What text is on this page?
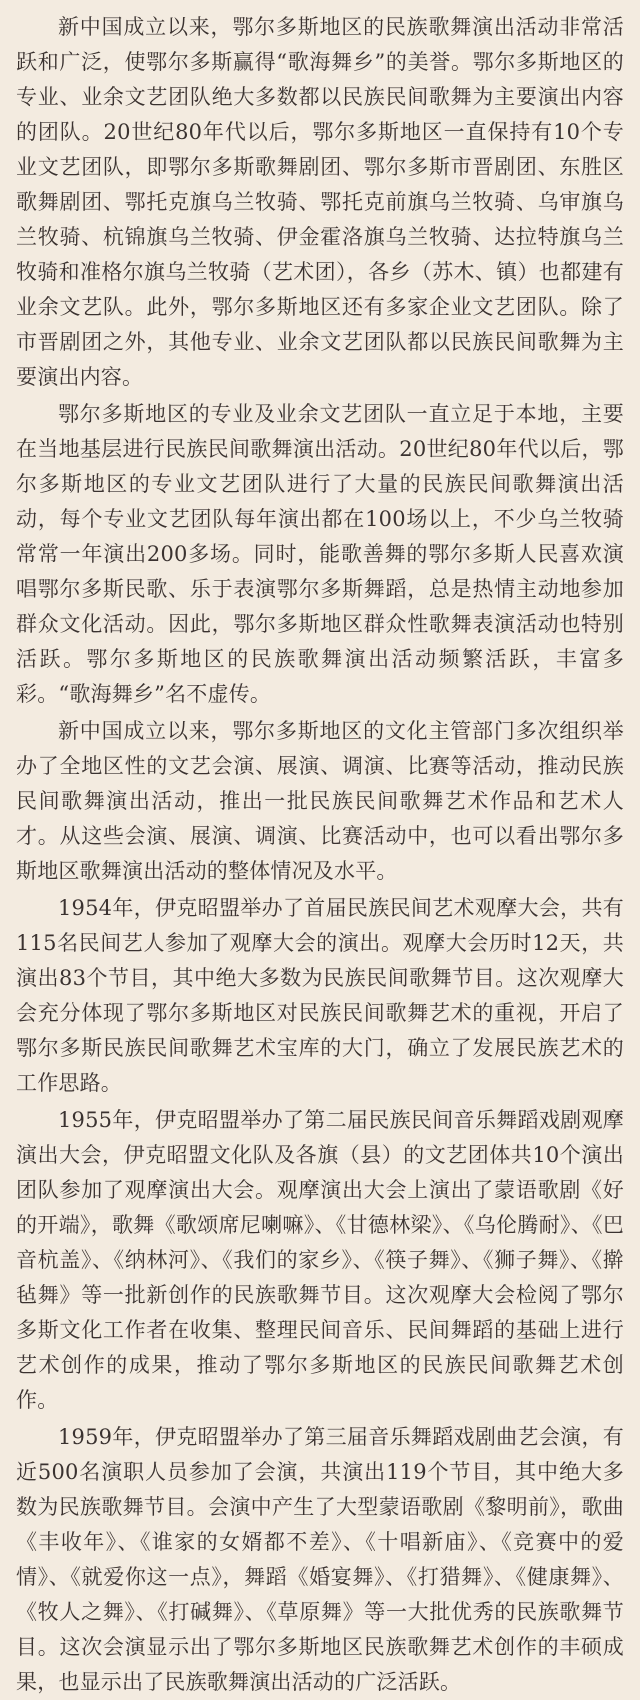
新中国成立以来，鄂尔多斯地区的民族歌舞演出活动非常活跃和广泛，使鄂尔多斯赢得“歌海舞乡”的美誉。鄂尔多斯地区的专业、业余文艺团队绝大多数都以民族民间歌舞为主要演出内容的团队。20世纪80年代以后，鄂尔多斯地区一直保持有10个专业文艺团队，即鄂尔多斯歌舞剧团、鄂尔多斯市晋剧团、东胜区歌舞剧团、鄂托克旗乌兰牧骑、鄂托克前旗乌兰牧骑、乌审旗乌兰牧骑、杭锦旗乌兰牧骑、伊金霍洛旗乌兰牧骑、达拉特旗乌兰牧骑和准格尔旗乌兰牧骑（艺术团），各乡（苏木、镇）也都建有业余文艺队。此外，鄂尔多斯地区还有多家企业文艺团队。除了市晋剧团之外，其他专业、业余文艺团队都以民族民间歌舞为主要演出内容。

鄂尔多斯地区的专业及业余文艺团队一直立足于本地，主要在当地基层进行民族民间歌舞演出活动。20世纪80年代以后，鄂尔多斯地区的专业文艺团队进行了大量的民族民间歌舞演出活动，每个专业文艺团队每年演出都在100场以上，不少乌兰牧骑常常一年演出200多场。同时，能歌善舞的鄂尔多斯人民喜欢演唱鄂尔多斯民歌、乐于表演鄂尔多斯舞蹈，总是热情主动地参加群众文化活动。因此，鄂尔多斯地区群众性歌舞表演活动也特别活跃。鄂尔多斯地区的民族歌舞演出活动频繁活跃，丰富多彩。“歌海舞乡”名不虚传。

新中国成立以来，鄂尔多斯地区的文化主管部门多次组织举办了全地区性的文艺会演、展演、调演、比赛等活动，推动民族民间歌舞演出活动，推出一批民族民间歌舞艺术作品和艺术人才。从这些会演、展演、调演、比赛活动中，也可以看出鄂尔多斯地区歌舞演出活动的整体情况及水平。

1954年，伊克昭盟举办了首届民族民间艺术观摩大会，共有115名民间艺人参加了观摩大会的演出。观摩大会历时12天，共演出83个节目，其中绝大多数为民族民间歌舞节目。这次观摩大会充分体现了鄂尔多斯地区对民族民间歌舞艺术的重视，开启了鄂尔多斯民族民间歌舞艺术宝库的大门，确立了发展民族艺术的工作思路。

1955年，伊克昭盟举办了第二届民族民间音乐舞蹈戏剧观摩演出大会，伊克昭盟文化队及各旗（县）的文艺团体共10个演出团队参加了观摩演出大会。观摩演出大会上演出了蒙语歌剧《好的开端》，歌舞《歌颂席尼喇嘛》、《甘德林梁》、《乌伦腾耐》、《巴音杭盖》、《纳林河》、《我们的家乡》、《筷子舞》、《狮子舞》、《擀毡舞》等一批新创作的民族歌舞节目。这次观摩大会检阅了鄂尔多斯文化工作者在收集、整理民间音乐、民间舞蹈的基础上进行艺术创作的成果，推动了鄂尔多斯地区的民族民间歌舞艺术创作。

1959年，伊克昭盟举办了第三届音乐舞蹈戏剧曲艺会演，有近500名演职人员参加了会演，共演出119个节目，其中绝大多数为民族歌舞节目。会演中产生了大型蒙语歌剧《黎明前》，歌曲《丰收年》、《谁家的女婿都不差》、《十唱新庙》、《竞赛中的爱情》、《就爱你这一点》，舞蹈《婚宴舞》、《打猎舞》、《健康舞》、《牧人之舞》、《打碱舞》、《草原舞》等一大批优秀的民族歌舞节目。这次会演显示出了鄂尔多斯地区民族歌舞艺术创作的丰硕成果，也显示出了民族歌舞演出活动的广泛活跃。
